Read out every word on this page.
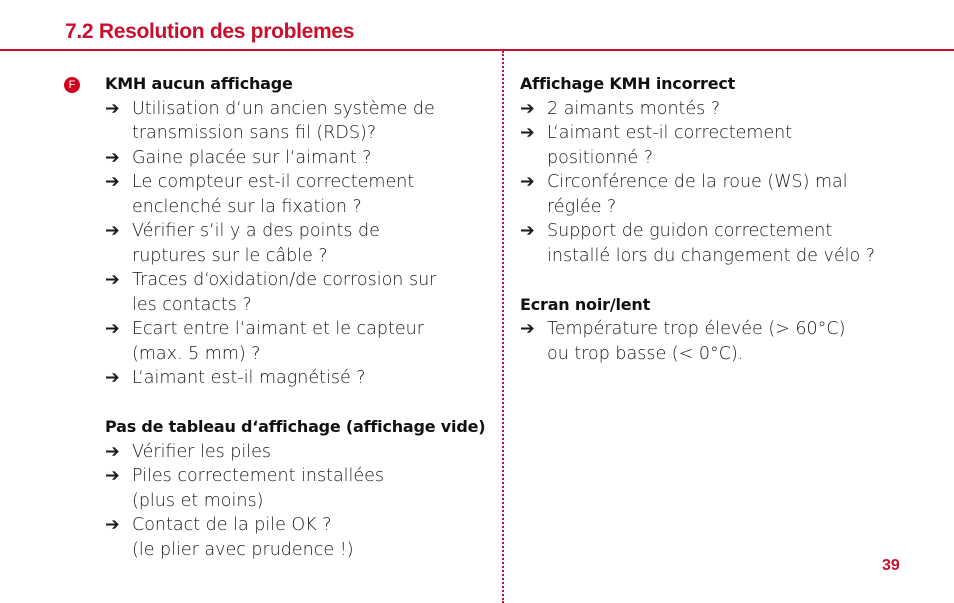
7.2 Resolution des problemes
F KMH aucun affichage
➔ Utilisation d‘un ancien système de
transmission sans fil (RDS)?
➔ Gaine placée sur l‘aimant ?
➔ Le compteur est-il correctement
enclenché sur la fixation ?
➔ Vérifier s‘il y a des points de
ruptures sur le câble ?
➔ Traces d‘oxidation/de corrosion sur
les contacts ?
➔ Ecart entre l‘aimant et le capteur
(max. 5 mm) ?
➔ L‘aimant est-il magnétisé ?
Pas de tableau d‘affichage (affichage vide)
➔ Vérifier les piles
➔ Piles correctement installées
(plus et moins)
➔ Contact de la pile OK ?
(le plier avec prudence !)
Affichage KMH incorrect
➔ 2 aimants montés ?
➔ L‘aimant est-il correctement
positionné ?
➔ Circonférence de la roue (WS) mal
réglée ?
➔ Support de guidon correctement
installé lors du changement de vélo ?
Ecran noir/lent
➔ Température trop élevée (> 60°C)
ou trop basse (< 0°C).
39
